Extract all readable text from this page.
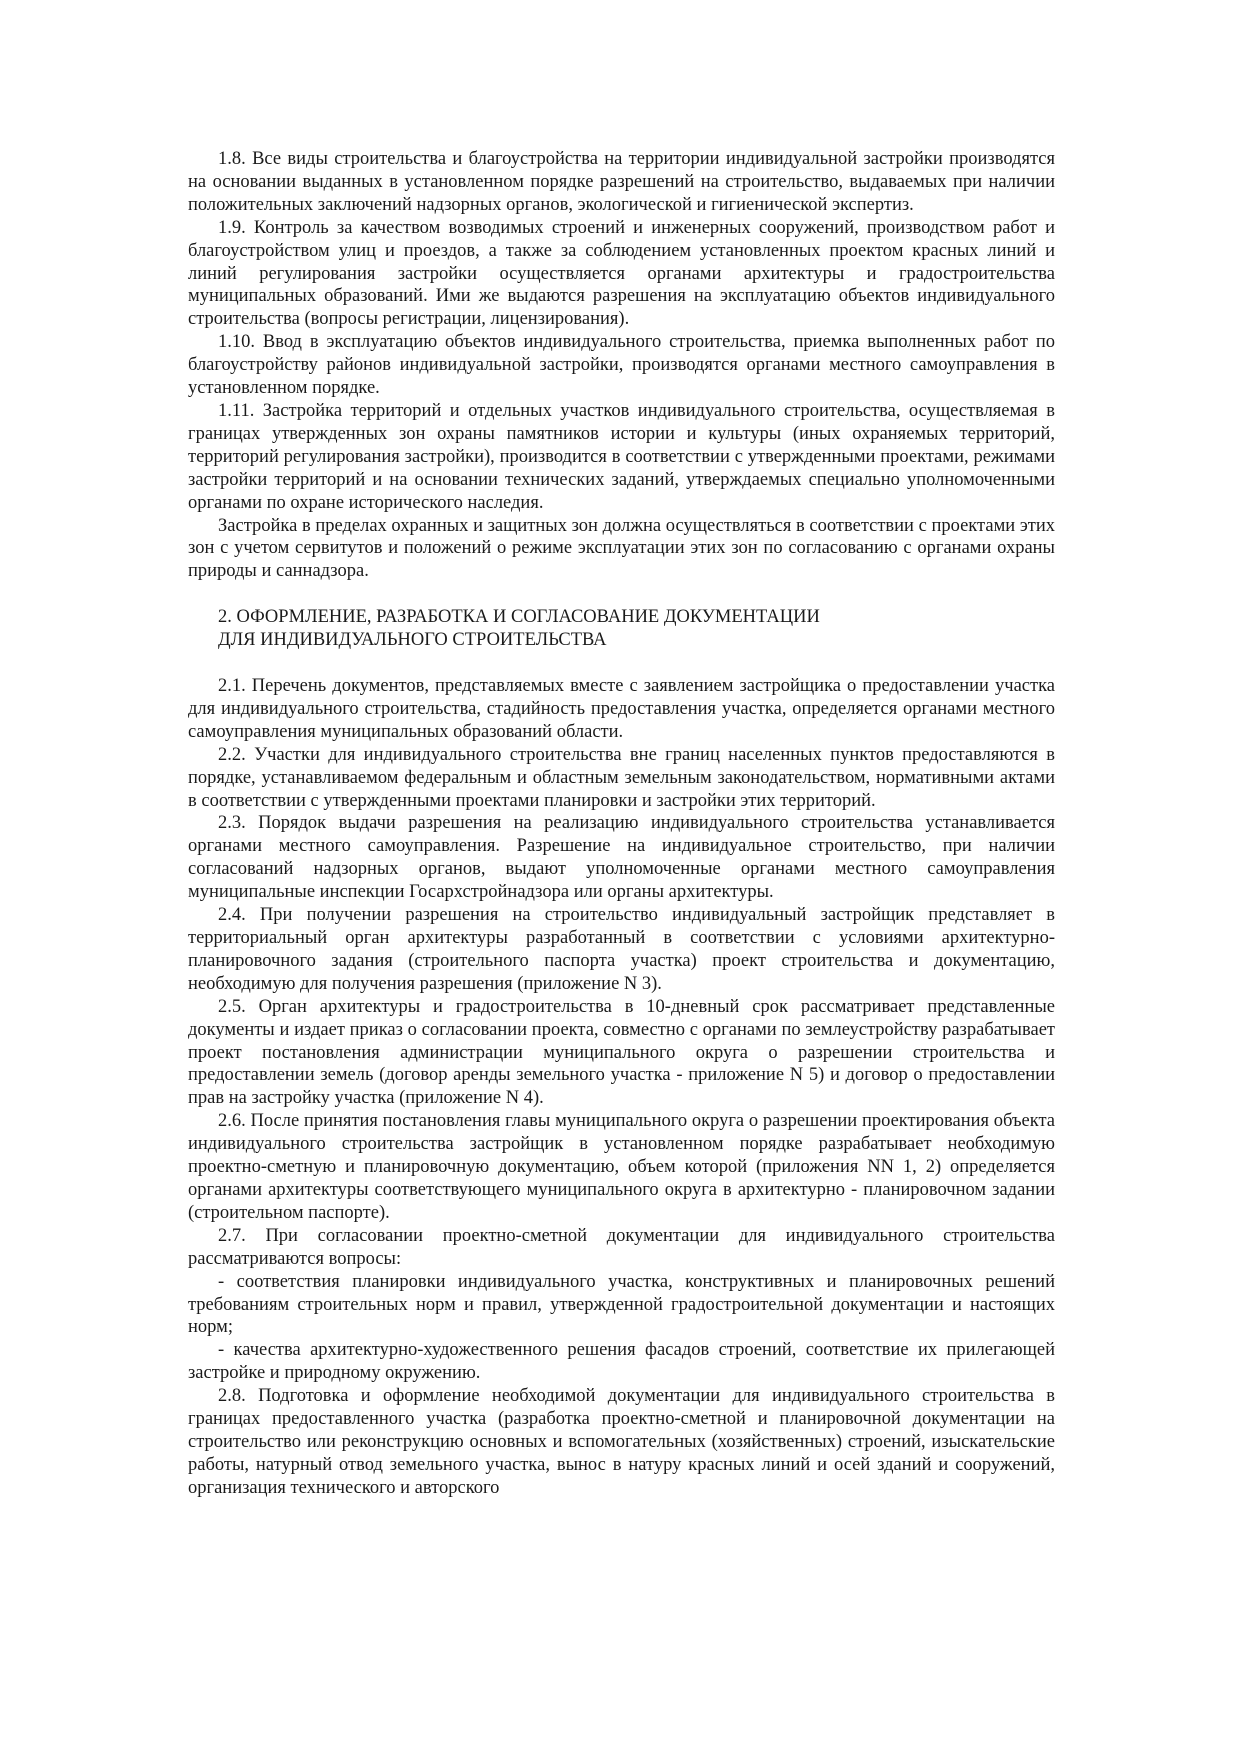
1.8. Все виды строительства и благоустройства на территории индивидуальной застройки производятся на основании выданных в установленном порядке разрешений на строительство, выдаваемых при наличии положительных заключений надзорных органов, экологической и гигиенической экспертиз.

1.9. Контроль за качеством возводимых строений и инженерных сооружений, производством работ и благоустройством улиц и проездов, а также за соблюдением установленных проектом красных линий и линий регулирования застройки осуществляется органами архитектуры и градостроительства муниципальных образований. Ими же выдаются разрешения на эксплуатацию объектов индивидуального строительства (вопросы регистрации, лицензирования).

1.10. Ввод в эксплуатацию объектов индивидуального строительства, приемка выполненных работ по благоустройству районов индивидуальной застройки, производятся органами местного самоуправления в установленном порядке.

1.11. Застройка территорий и отдельных участков индивидуального строительства, осуществляемая в границах утвержденных зон охраны памятников истории и культуры (иных охраняемых территорий, территорий регулирования застройки), производится в соответствии с утвержденными проектами, режимами застройки территорий и на основании технических заданий, утверждаемых специально уполномоченными органами по охране исторического наследия.

Застройка в пределах охранных и защитных зон должна осуществляться в соответствии с проектами этих зон с учетом сервитутов и положений о режиме эксплуатации этих зон по согласованию с органами охраны природы и саннадзора.

2. ОФОРМЛЕНИЕ, РАЗРАБОТКА И СОГЛАСОВАНИЕ ДОКУМЕНТАЦИИ

ДЛЯ ИНДИВИДУАЛЬНОГО СТРОИТЕЛЬСТВА

2.1. Перечень документов, представляемых вместе с заявлением застройщика о предоставлении участка для индивидуального строительства, стадийность предоставления участка, определяется органами местного самоуправления муниципальных образований области.

2.2. Участки для индивидуального строительства вне границ населенных пунктов предоставляются в порядке, устанавливаемом федеральным и областным земельным законодательством, нормативными актами в соответствии с утвержденными проектами планировки и застройки этих территорий.

2.3. Порядок выдачи разрешения на реализацию индивидуального строительства устанавливается органами местного самоуправления. Разрешение на индивидуальное строительство, при наличии согласований надзорных органов, выдают уполномоченные органами местного самоуправления муниципальные инспекции Госархстройнадзора или органы архитектуры.

2.4. При получении разрешения на строительство индивидуальный застройщик представляет в территориальный орган архитектуры разработанный в соответствии с условиями архитектурно-планировочного задания (строительного паспорта участка) проект строительства и документацию, необходимую для получения разрешения (приложение N 3).

2.5. Орган архитектуры и градостроительства в 10-дневный срок рассматривает представленные документы и издает приказ о согласовании проекта, совместно с органами по землеустройству разрабатывает проект постановления администрации муниципального округа о разрешении строительства и предоставлении земель (договор аренды земельного участка - приложение N 5) и договор о предоставлении прав на застройку участка (приложение N 4).

2.6. После принятия постановления главы муниципального округа о разрешении проектирования объекта индивидуального строительства застройщик в установленном порядке разрабатывает необходимую проектно-сметную и планировочную документацию, объем которой (приложения NN 1, 2) определяется органами архитектуры соответствующего муниципального округа в архитектурно - планировочном задании (строительном паспорте).

2.7. При согласовании проектно-сметной документации для индивидуального строительства рассматриваются вопросы:

- соответствия планировки индивидуального участка, конструктивных и планировочных решений требованиям строительных норм и правил, утвержденной градостроительной документации и настоящих норм;

- качества архитектурно-художественного решения фасадов строений, соответствие их прилегающей застройке и природному окружению.

2.8. Подготовка и оформление необходимой документации для индивидуального строительства в границах предоставленного участка (разработка проектно-сметной и планировочной документации на строительство или реконструкцию основных и вспомогательных (хозяйственных) строений, изыскательские работы, натурный отвод земельного участка, вынос в натуру красных линий и осей зданий и сооружений, организация технического и авторского
